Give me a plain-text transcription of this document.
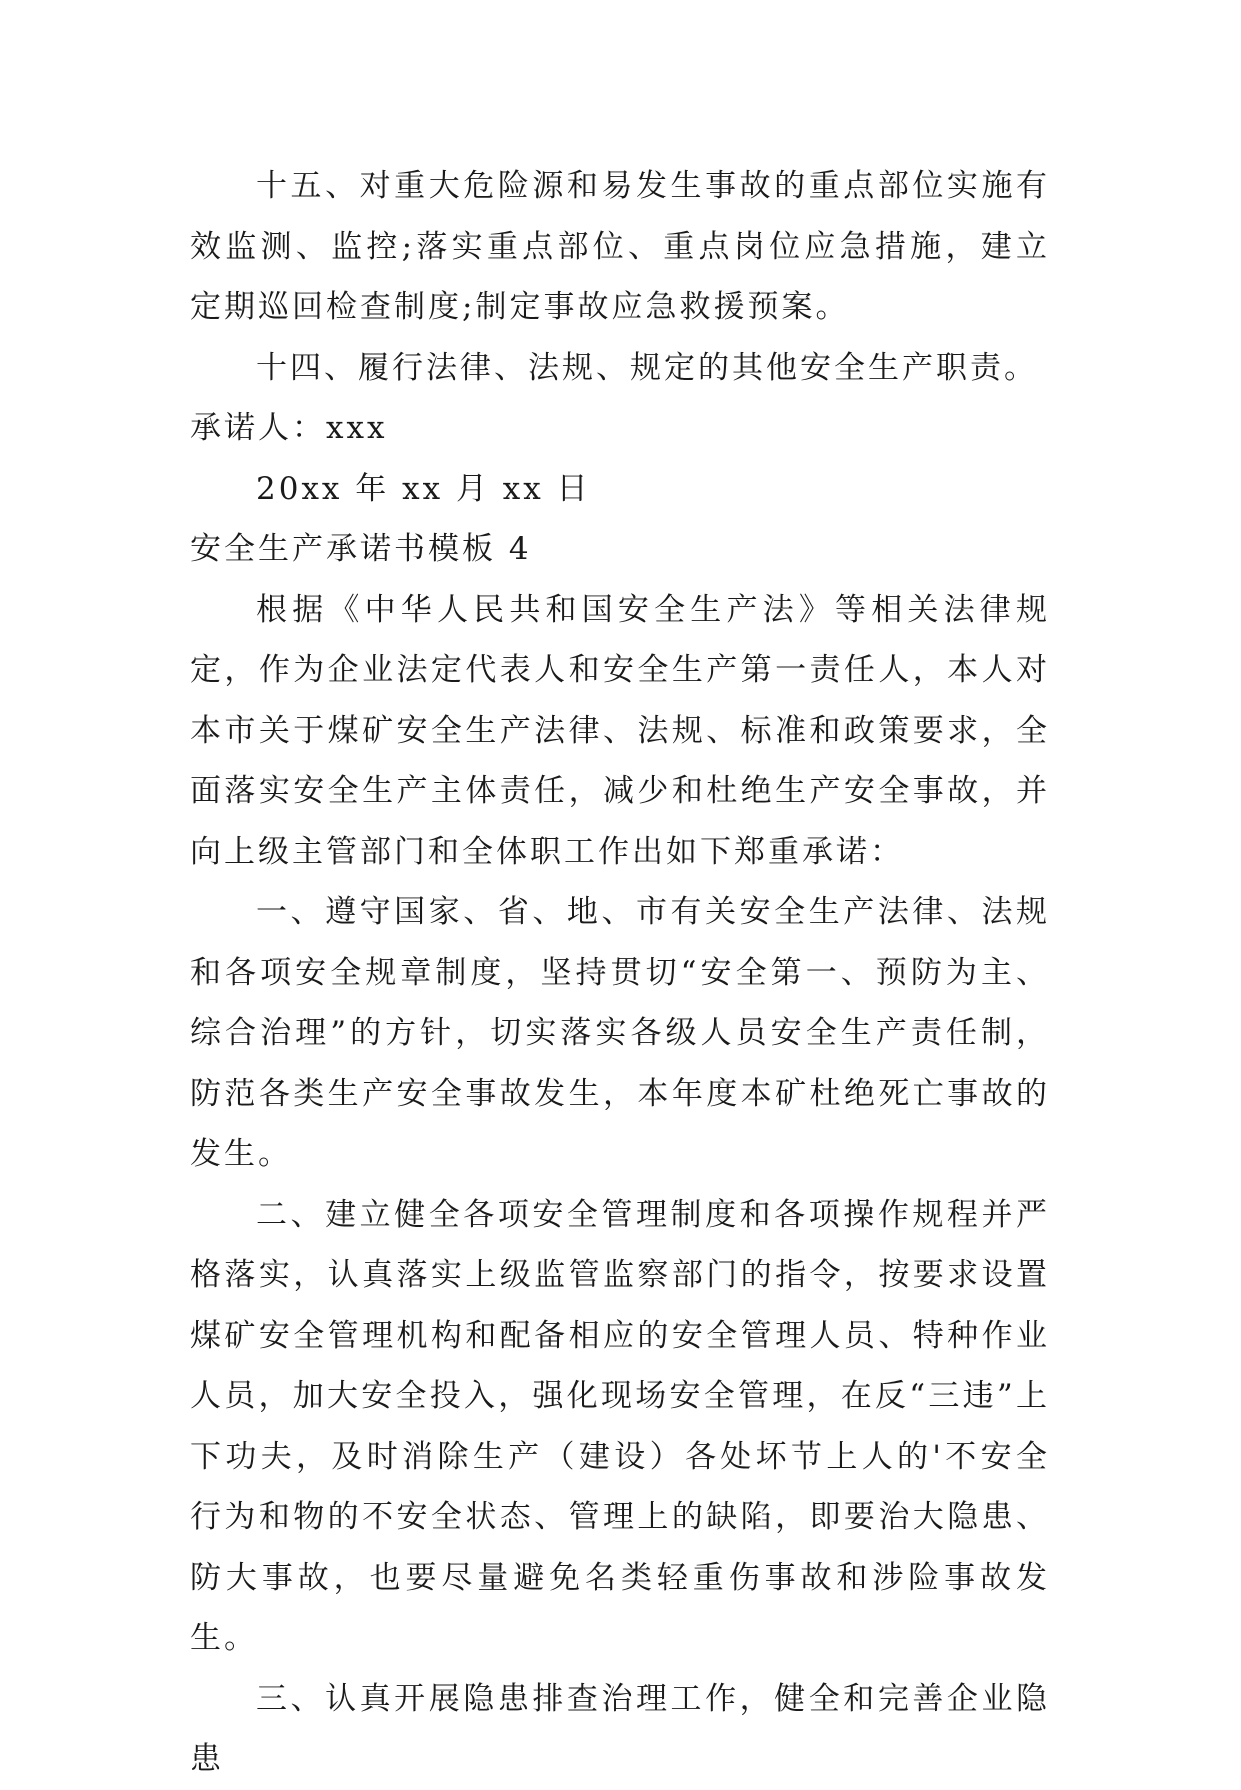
十五、对重大危险源和易发生事故的重点部位实施有效监测、监控;落实重点部位、重点岗位应急措施，建立定期巡回检查制度;制定事故应急救援预案。

十四、履行法律、法规、规定的其他安全生产职责。

承诺人：xxx

20xx 年 xx 月 xx 日

安全生产承诺书模板 4

根据《中华人民共和国安全生产法》等相关法律规定，作为企业法定代表人和安全生产第一责任人，本人对本市关于煤矿安全生产法律、法规、标准和政策要求，全面落实安全生产主体责任，减少和杜绝生产安全事故，并向上级主管部门和全体职工作出如下郑重承诺：

一、遵守国家、省、地、市有关安全生产法律、法规和各项安全规章制度，坚持贯切“安全第一、预防为主、综合治理”的方针，切实落实各级人员安全生产责任制，防范各类生产安全事故发生，本年度本矿杜绝死亡事故的发生。

二、建立健全各项安全管理制度和各项操作规程并严格落实，认真落实上级监管监察部门的指令，按要求设置煤矿安全管理机构和配备相应的安全管理人员、特种作业人员，加大安全投入，强化现场安全管理，在反“三违”上下功夫，及时消除生产（建设）各处坏节上人的'不安全行为和物的不安全状态、管理上的缺陷，即要治大隐患、防大事故，也要尽量避免名类轻重伤事故和涉险事故发生。

三、认真开展隐患排查治理工作，健全和完善企业隐患
